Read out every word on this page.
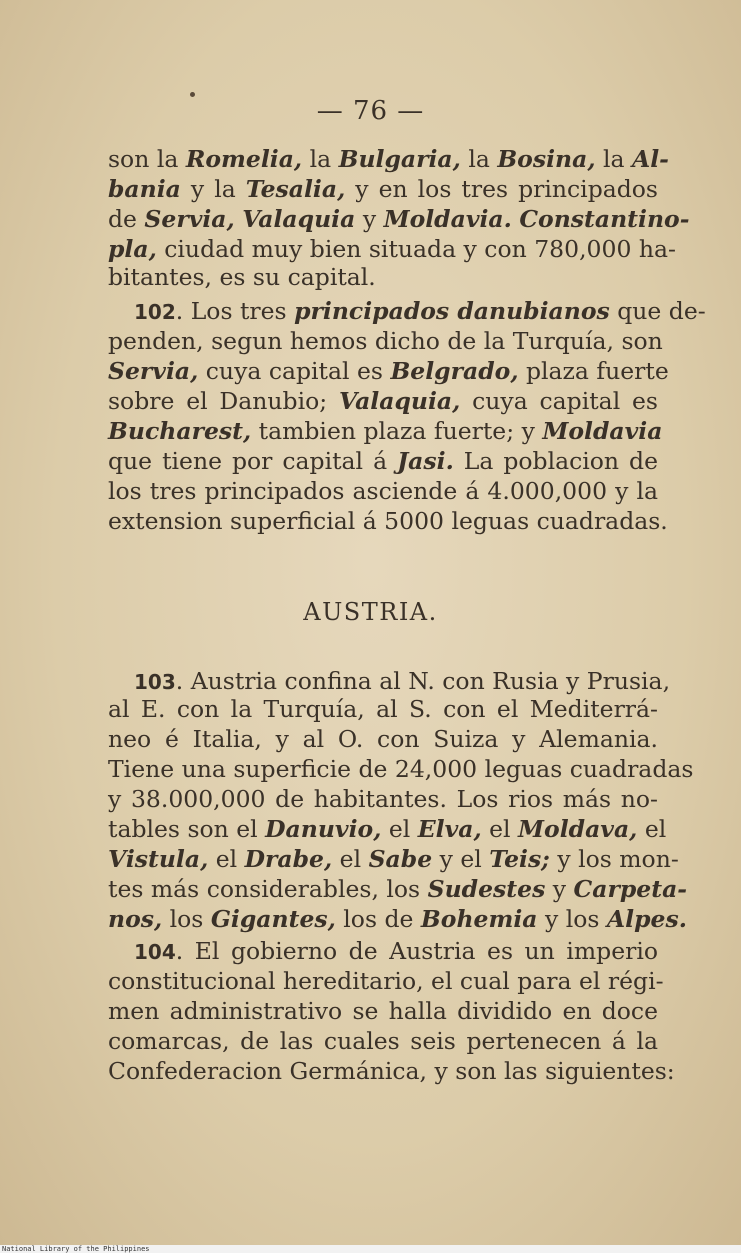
— 76 —
son la Romelia, la Bulgaria, la Bosina, la Al-
bania y la Tesalia, y en los tres principados
de Servia, Valaquia y Moldavia. Constantino-
pla, ciudad muy bien situada y con 780,000 ha-
bitantes, es su capital.
102. Los tres principados danubianos que de-
penden, segun hemos dicho de la Turquía, son
Servia, cuya capital es Belgrado, plaza fuerte
sobre el Danubio; Valaquia, cuya capital es
Bucharest, tambien plaza fuerte; y Moldavia
que tiene por capital á Jasi. La poblacion de
los tres principados asciende á 4.000,000 y la
extension superficial á 5000 leguas cuadradas.
103. Austria confina al N. con Rusia y Prusia,
al E. con la Turquía, al S. con el Mediterrá-
neo é Italia, y al O. con Suiza y Alemania.
Tiene una superficie de 24,000 leguas cuadradas
y 38.000,000 de habitantes. Los rios más no-
tables son el Danuvio, el Elva, el Moldava, el
Vistula, el Drabe, el Sabe y el Teis; y los mon-
tes más considerables, los Sudestes y Carpeta-
nos, los Gigantes, los de Bohemia y los Alpes.
104. El gobierno de Austria es un imperio
constitucional hereditario, el cual para el régi-
men administrativo se halla dividido en doce
comarcas, de las cuales seis pertenecen á la
Confederacion Germánica, y son las siguientes:
AUSTRIA.
National Library of the Philippines
